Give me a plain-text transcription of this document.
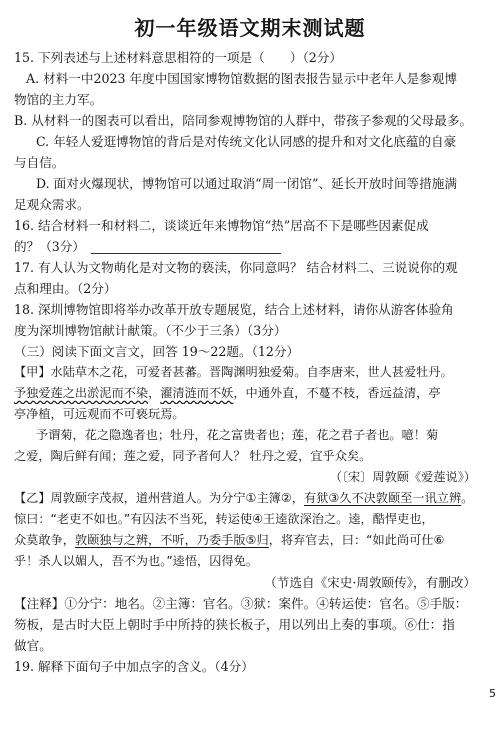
初一年级语文期末测试题
15. 下列表述与上述材料意思相符的一项是（　　）（2分）
A. 材料一中2023 年度中国国家博物馆数据的图表报告显示中老年人是参观博
物馆的主力军。
B. 从材料一的图表可以看出，陪同参观博物馆的人群中，带孩子参观的父母最多。
C. 年轻人爱逛博物馆的背后是对传统文化认同感的提升和对文化底蕴的自豪
与自信。
D. 面对火爆现状，博物馆可以通过取消“周一闭馆”、延长开放时间等措施满
足观众需求。
16. 结合材料一和材料二，谈谈近年来博物馆“热”居高不下是哪些因素促成
的？（3分）
17. 有人认为文物萌化是对文物的亵渎，你同意吗？ 结合材料二、三说说你的观
点和理由。（2分）
18. 深圳博物馆即将举办改革开放专题展览，结合上述材料，请你从游客体验角
度为深圳博物馆献计献策。（不少于三条）（3分）
（三）阅读下面文言文，回答 19～22题。（12分）
【甲】水陆草木之花，可爱者甚蕃。晋陶渊明独爱菊。自李唐来，世人甚爱牡丹。
予独爱莲之出淤泥而不染，濯清涟而不妖，中通外直，不蔓不枝，香远益清，亭
亭净植，可远观而不可亵玩焉。
予谓菊，花之隐逸者也；牡丹，花之富贵者也；莲，花之君子者也。噫！菊
之爱，陶后鲜有闻；莲之爱，同予者何人？ 牡丹之爱，宜乎众矣。
（〔宋〕周敦颐《爱莲说》）
【乙】周敦颐字茂叔，道州营道人。为分宁①主簿②，有狱③久不决敦颐至一讯立辨。
惊曰：“老吏不如也。”有囚法不当死，转运使④王逵欲深治之。逵，酷悍吏也，
众莫敢争，敦颐独与之辨，不听，乃委手版⑤归，将弃官去，曰：“如此尚可仕⑥
乎！杀人以媚人，吾不为也。”逵悟，囚得免。
（节选自《宋史·周敦颐传》，有删改）
【注释】①分宁：地名。②主簿：官名。③狱：案件。④转运使：官名。⑤手版：
笏板，是古时大臣上朝时手中所持的狭长板子，用以列出上奏的事项。⑥仕：指
做官。
19. 解释下面句子中加点字的含义。（4分）
5
